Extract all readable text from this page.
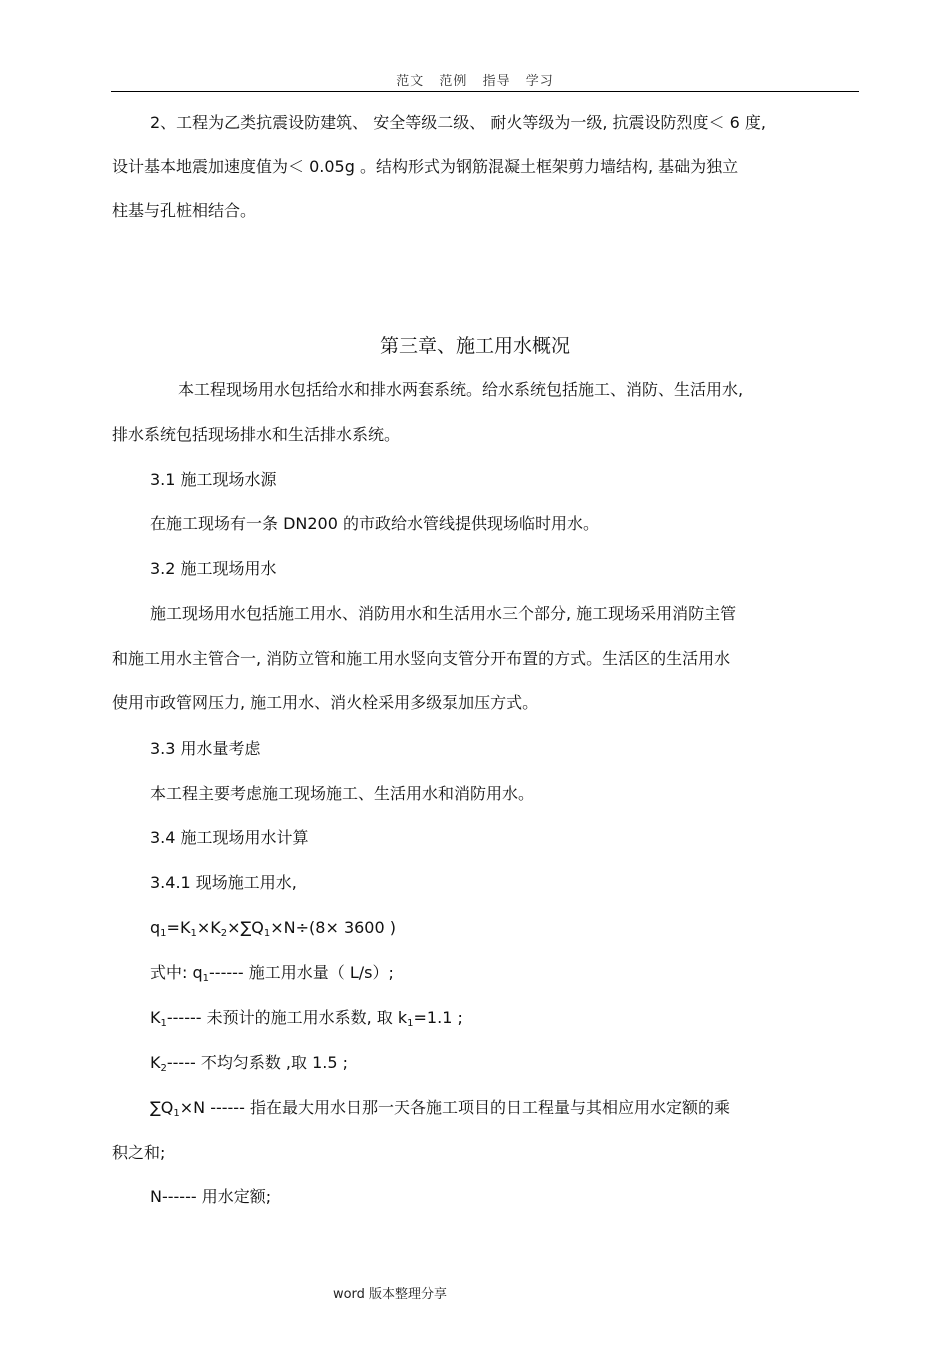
范文 范例 指导 学习
2、工程为乙类抗震设防建筑、 安全等级二级、 耐火等级为一级, 抗震设防烈度＜ 6 度,
设计基本地震加速度值为＜ 0.05g 。结构形式为钢筋混凝土框架剪力墙结构, 基础为独立
柱基与孔桩相结合。
第三章、施工用水概况
本工程现场用水包括给水和排水两套系统。给水系统包括施工、消防、生活用水,
排水系统包括现场排水和生活排水系统。
3.1 施工现场水源
在施工现场有一条 DN200 的市政给水管线提供现场临时用水。
3.2 施工现场用水
施工现场用水包括施工用水、消防用水和生活用水三个部分, 施工现场采用消防主管
和施工用水主管合一, 消防立管和施工用水竖向支管分开布置的方式。生活区的生活用水
使用市政管网压力, 施工用水、消火栓采用多级泵加压方式。
3.3 用水量考虑
本工程主要考虑施工现场施工、生活用水和消防用水。
3.4 施工现场用水计算
3.4.1 现场施工用水,
$q_1=K_1\times K_2\times\sum Q_1\times N\div(8\times 3600$ )
式中: $q_1------$ 施工用水量（ L/s）;
$K_1------$ 未预计的施工用水系数, 取 $k_1=1.1$ ;
$K_2-----$ 不均匀系数 ,取 1.5 ;
$\sum Q_1\times N$ ------ 指在最大用水日那一天各施工项目的日工程量与其相应用水定额的乘
积之和;
N------ 用水定额;
word 版本整理分享
